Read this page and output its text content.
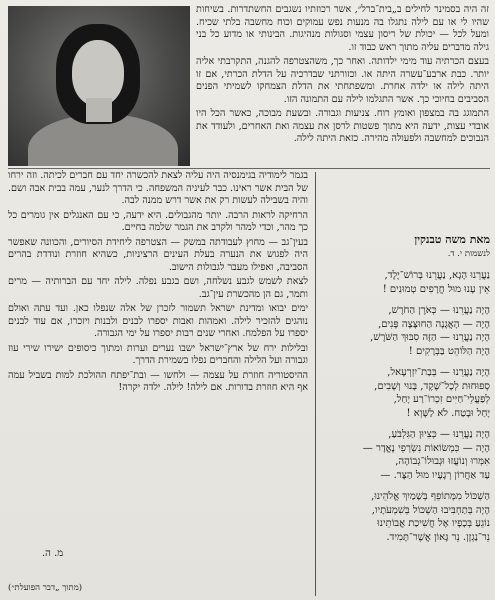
זה היה בסמינר לחילים ב„בית־ברל״, אשר רכוזתיו נשגבים החשתדרות. בשיחות שהיו לי או עם לילה נתגלו בה מנעות נפש עמוקים וכוח מחשבה בלתי שכיח. ומעל לכל — יכולת של ריסון עצמי וסגולות מנהיגות. הבינותי או מדוע כל בני גילה מדברים עליה מתוך ראש כבוד זו.

בעצם הכרתיה עוד מימי ילדותה. ואחר כך, משהצטרפה להגנה, התקרבתי אליה יותר. כבת ארבע־עשרה היתה או. וכזורתני שבדרכיה על הדלת הכרתי, אם זו היתה לילה או ילדה אחרת. ומשפתחתי את הדלת הצמחקו לשמיתי הפנים הסביבים בחיוכי כך. אשר התגלמו לילה עם התמונה הזו.

התמוגג בה במצפון ואומץ רוח. צניעות וגבורה. ובשעת מבוכה, כאשר הכל היו אובדי עצות, ידעה היא מתוך פשטות לרסן את עצמה ואת האחרים, ולעודד את הנבוכים למחשבה ולפעולה מהירה. כזאת היתה לילה.

בגמר לימודיה בגימנסיה היה עליה לצאת להכשרה יחד עם חברים לכיתה. וזה ירחו של הבית אשר ראינו. כבר לעיניה המשפחה. כי הדרך לנער, עמה בבית אבה ושם. והיה בשבילה לעשות רק את אשר דרש ממנה לבה.

הרחיקה לראות הרבה. יותר מהגבולים. היא ידעה, כי עם האנגלים אין גומרים כל כך מהר, וכדי למהר ולקרב את הגמר שלמה בחיים.

בעין־גב — מחוץ לעבודתה במשק — הצטרפה ליחידת הסיורים, והכוונה שאפשר היה לפגוש את הנערה בעלת העינים הרציניות, כשהיא חוזרת ונודדת בהרים הסביבה, ואפילו מעבר לגבולות הישוב.

לצאת לשמש לגבע נשלחה, ושם בגבע נפלה. לילה יחד עם הברותיה — מרים ותמר, גם הן מהכשרת עין־גב.

ימים יבואו ומדינת ישראל תשמור לזכרן של אלה שנפלו כאן. ועד עתה ואולם נוהגים להזכיר לילה. ואמהות ואבות יספרו לבנים ולבנות ויזכרו, אם עוד לבנים יספרו על הפלמח. ואחרי שנים רבות יספרו על ימי הגבורה.

ובלילות ירח של ארץ־ישראל ישבו נערים וערות ומתוך כיסופים ישירו שירי עוז וגבורה ועל הלילה והחברים נפלו בשמירת הדרך.

ההיסטוריה חוזרת על עצמה — ולחשו — ובת־יפתח ההולכת למות בשביל עמה אף היא חוזרת בדורות. אם לילה! לילה. ילדה יקרה!

מ. ה.
(מתוך „דבר הפועלת״)
מאת משה טבנקין
לנשמות י. ד.
נַעֲרֵנוּ הָגָא, נַעֲרֵנוּ בְּרוֹשׁ־יֶלֶד,
אֵין עָנוּ מוּל חֳרָפִים טְמוּנִים !
הָיָה נַעֲרֵנוּ — כְּאֹרֶן הַחֹרֶשׁ,
הָיָה — הָאֲגָנָה הַחוּצָּצָה פָּנִים,
הָיָה נַעֲרֵנוּ — הַזֶּה סִבּוּךְ הַשֹּׁרֶשׁ,
הָיָה הַלּוֹהֵט בַּבְּרָקִים !
הָיָה נַעֲרֵנוּ — בְּבַת־יִזְרְעֶאל,
סְפוּחוּת לְכָל־שֶׁקֶד, בָּנוּי וְשָׁבִים,
לְפַעֲלֵי־חַיִּים זִכְרוֹ־רַע יָחַל,
יָחַל וּבָטַח. לֹא לַשָּׁוְא !
הָיָה נַעֲרֵנוּ — כְּצִיוּן הַגִּלְבֹּעַ,
הָיָה — כִּמְשׂוֹאוֹת נִשְׂרְפֵי נֶאֱדָר —
אִמְּרוּ וְנוֹעֲזוּ וּגְבוּלוֹ־גְבוֹהָה,
עַד אַחֲרוֹן רְגָעָיו מוּל הַצָּר. —
הַשְׁכּוֹל מִמְּתוֹפֵף בְּשָׁמַיִךְ אֱלֹהֵינוּ,
הָיָה בְּתַחְבִּיבוּ הַשְׁכּוֹל בְּשִׁמְעֹתָיו,
נוֹגֵעַ בְּכָפָיו אֶל חֲשִׁיכַת אֲבוֹתֵינוּ
נֵר־נַגְזָן. נֵר גָּאוֹן אֲשֶׁר־תָּמִיד.
